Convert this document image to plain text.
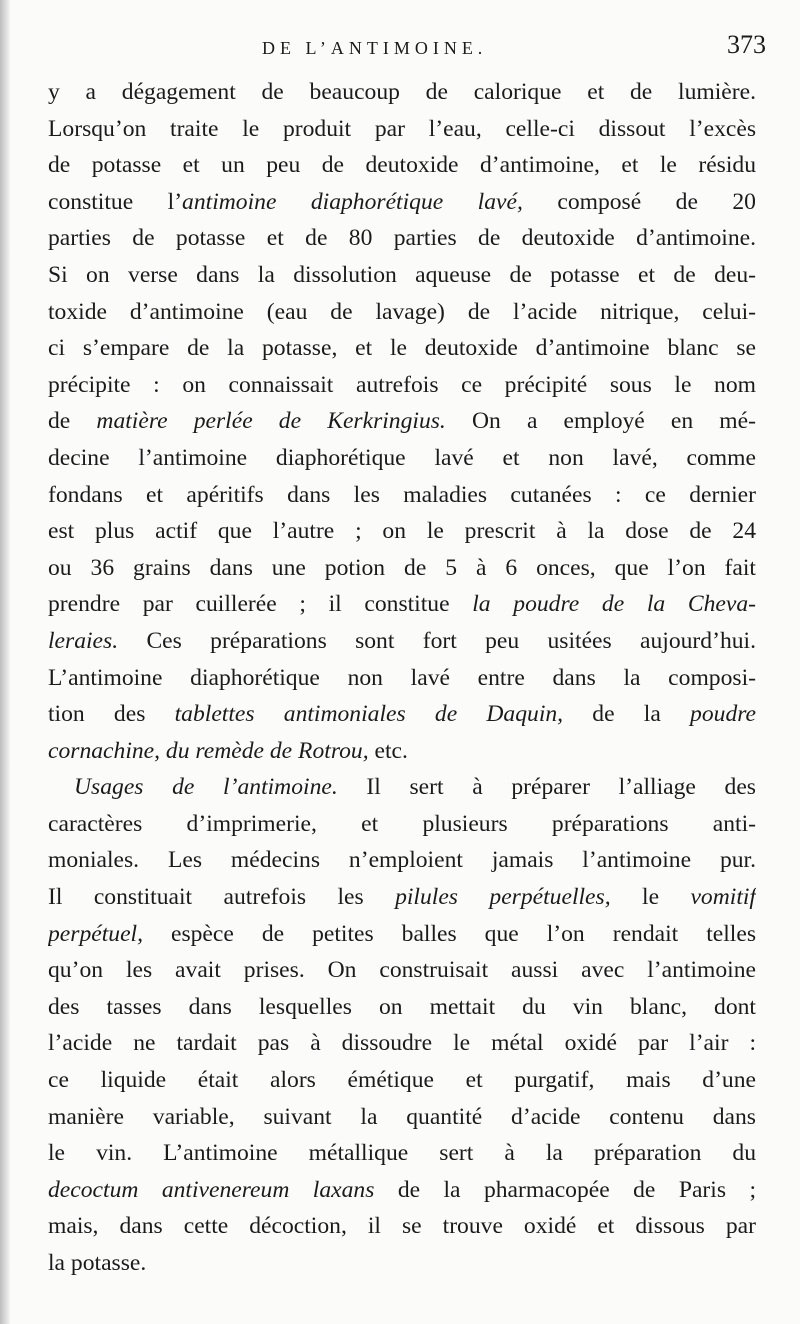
DE L’ANTIMOINE.	373
y a dégagement de beaucoup de calorique et de lumière.
Lorsqu’on traite le produit par l’eau, celle-ci dissout l’excès
de potasse et un peu de deutoxide d’antimoine, et le résidu
constitue l’antimoine diaphorétique lavé, composé de 20
parties de potasse et de 80 parties de deutoxide d’antimoine.
Si on verse dans la dissolution aqueuse de potasse et de deu-
toxide d’antimoine (eau de lavage) de l’acide nitrique, celui-
ci s’empare de la potasse, et le deutoxide d’antimoine blanc se
précipite : on connaissait autrefois ce précipité sous le nom
de matière perlée de Kerkringius. On a employé en mé-
decine l’antimoine diaphorétique lavé et non lavé, comme
fondans et apéritifs dans les maladies cutanées : ce dernier
est plus actif que l’autre ; on le prescrit à la dose de 24
ou 36 grains dans une potion de 5 à 6 onces, que l’on fait
prendre par cuillerée ; il constitue la poudre de la Cheva-
leraies. Ces préparations sont fort peu usitées aujourd’hui.
L’antimoine diaphorétique non lavé entre dans la composi-
tion des tablettes antimoniales de Daquin, de la poudre
cornachine, du remède de Rotrou, etc.
Usages de l’antimoine. Il sert à préparer l’alliage des
caractères d’imprimerie, et plusieurs préparations anti-
moniales. Les médecins n’emploient jamais l’antimoine pur.
Il constituait autrefois les pilules perpétuelles, le vomitif
perpétuel, espèce de petites balles que l’on rendait telles
qu’on les avait prises. On construisait aussi avec l’antimoine
des tasses dans lesquelles on mettait du vin blanc, dont
l’acide ne tardait pas à dissoudre le métal oxidé par l’air :
ce liquide était alors émétique et purgatif, mais d’une
manière variable, suivant la quantité d’acide contenu dans
le vin. L’antimoine métallique sert à la préparation du
decoctum antivenereum laxans de la pharmacopée de Paris ;
mais, dans cette décoction, il se trouve oxidé et dissous par
la potasse.
